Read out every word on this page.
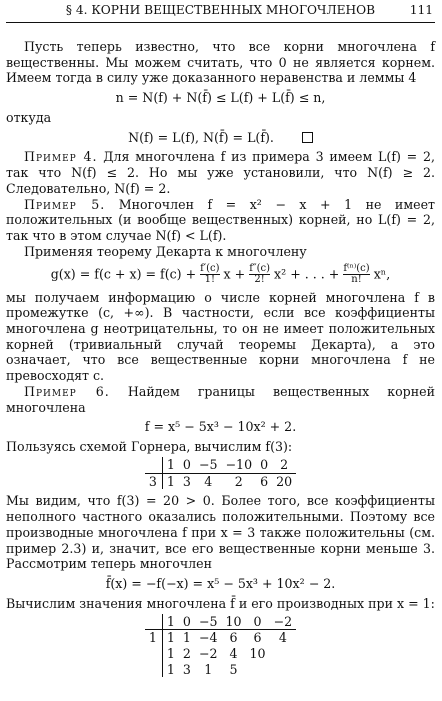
§ 4. КОРНИ ВЕЩЕСТВЕННЫХ МНОГОЧЛЕНОВ	111

Пусть теперь известно, что все корни многочлена f вещественны. Мы можем считать, что 0 не является корнем. Имеем тогда в силу уже доказанного неравенства и леммы 4

n = N(f) + N(f̄) ≤ L(f) + L(f̄) ≤ n,

откуда

N(f) = L(f), N(f̄) = L(f̄).

Пример 4. Для многочлена f из примера 3 имеем L(f) = 2, так что N(f) ≤ 2. Но мы уже установили, что N(f) ≥ 2. Следовательно, N(f) = 2.

Пример 5. Многочлен f = x² − x + 1 не имеет положительных (и вообще вещественных) корней, но L(f) = 2, так что в этом случае N(f) < L(f).

Применяя теорему Декарта к многочлену

$g(x) = f(c + x) = f(c) + \frac{f'(c)}{1!}$ $x + \frac{f''(c)}{2!} x^2$ + . . . + $\frac{\text{f⁽ⁿ⁾(c)}}{n!} x^n$,

мы получаем информацию о числе корней многочлена f в промежутке (c, +∞). В частности, если все коэффициенты многочлена g неотрицательны, то он не имеет положительных корней (тривиальный случай теоремы Декарта), а это означает, что все вещественные корни многочлена f не превосходят c.

Пример 6. Найдем границы вещественных корней многочлена

f = x⁵ − 5x³ − 10x² + 2.

Пользуясь схемой Горнера, вычислим f(3):

	1	0	−5	−10	0	2
3	1	3	4	2	6	20

Мы видим, что f(3) = 20 > 0. Более того, все коэффициенты неполного частного оказались положительными. Поэтому все производные многочлена f при x = 3 также положительны (см. пример 2.3) и, значит, все его вещественные корни меньше 3. Рассмотрим теперь многочлен

f̄(x) = −f(−x) = x⁵ − 5x³ + 10x² − 2.

Вычислим значения многочлена f̄ и его производных при x = 1:

	1	0	−5	10	0	−2
1	1	1	−4	6	6	4
	1	2	−2	4	10	
	1	3	1	5		
